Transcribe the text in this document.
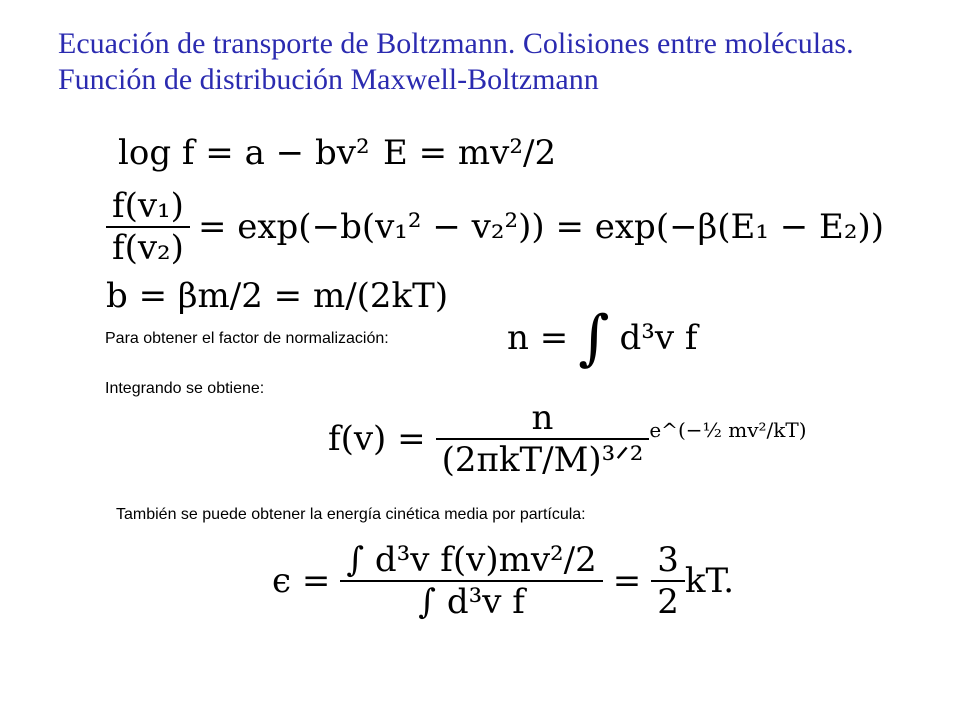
Ecuación de transporte de Boltzmann. Colisiones entre moléculas.
Función de distribución Maxwell-Boltzmann
log f = a − bv² E = mv²/2
$\frac{\text{f(v₁)}}{\text{f(v₂)}} = \exp(-b(v_1^2 - v_2^2)) = \exp(-\beta(E_1 - E_2))$
b = βm/2 = m/(2kT)
Para obtener el factor de normalización:	n = ∫ d³v f
Integrando se obtiene:
$f(v) = \frac{n}{\text{(2πkT/M)³ᐟ²}}$ e^(−½ mv²/kT)
También se puede obtener la energía cinética media por partícula:
$\epsilon = \frac{\text{∫ d³v f(v)mv²/2}}{\text{∫ d³v f}} = \frac{3}{2}$ kT.
